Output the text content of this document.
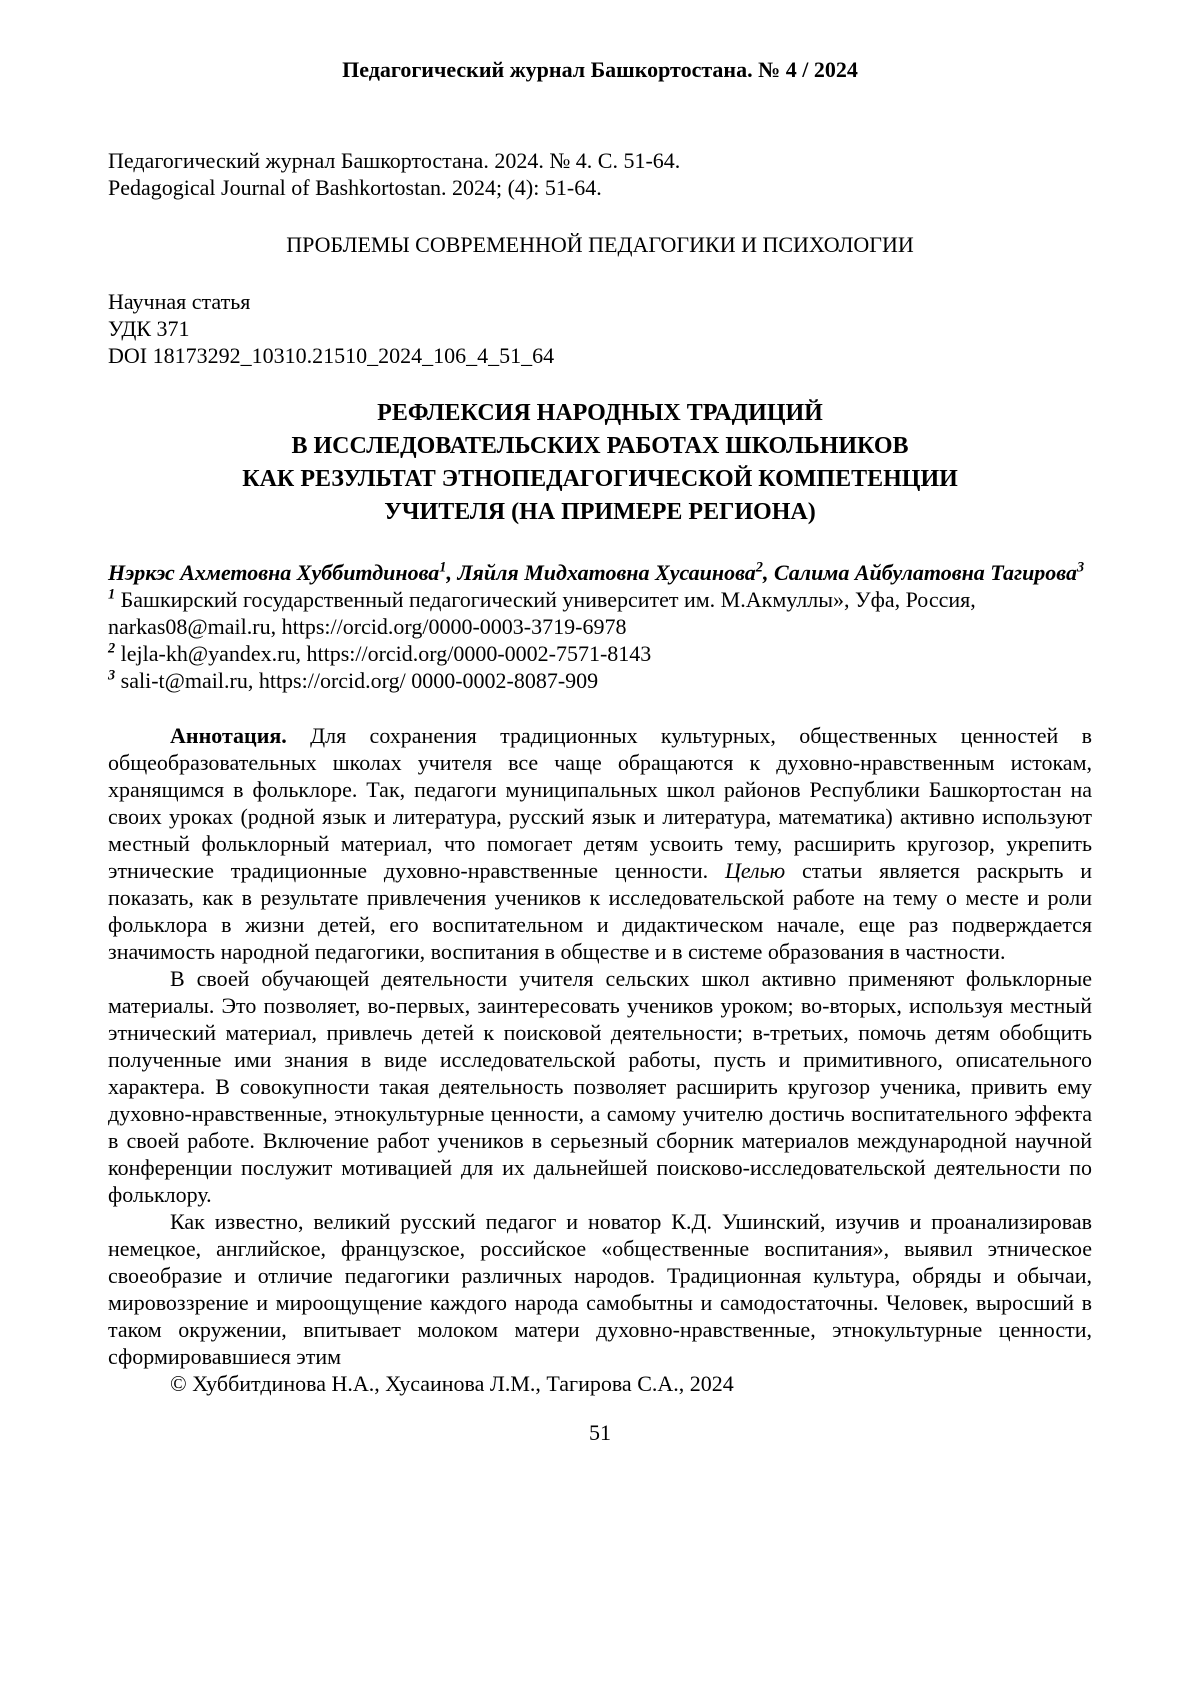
Педагогический журнал Башкортостана. № 4 / 2024
Педагогический журнал Башкортостана. 2024. № 4. С. 51-64.
Pedagogical Journal of Bashkortostan. 2024; (4): 51-64.
ПРОБЛЕМЫ СОВРЕМЕННОЙ ПЕДАГОГИКИ И ПСИХОЛОГИИ
Научная статья
УДК 371
DOI 18173292_10310.21510_2024_106_4_51_64
РЕФЛЕКСИЯ НАРОДНЫХ ТРАДИЦИЙ
В ИССЛЕДОВАТЕЛЬСКИХ РАБОТАХ ШКОЛЬНИКОВ
КАК РЕЗУЛЬТАТ ЭТНОПЕДАГОГИЧЕСКОЙ КОМПЕТЕНЦИИ
УЧИТЕЛЯ (НА ПРИМЕРЕ РЕГИОНА)

Нэркэс Ахметовна Хуббитдинова$^1$, Ляйля Мидхатовна Хусаинова$^2$, Салима Айбулатовна Тагирова$^3$

$^1$ Башкирский государственный педагогический университет им. М.Акмуллы», Уфа, Россия, narkas08@mail.ru, https://orcid.org/0000-0003-3719-6978

$^2$ lejla-kh@yandex.ru, https://orcid.org/0000-0002-7571-8143

$^3$ sali-t@mail.ru, https://orcid.org/ 0000-0002-8087-909

Аннотация. Для сохранения традиционных культурных, общественных ценностей в общеобразовательных школах учителя все чаще обращаются к духовно-нравственным истокам, хранящимся в фольклоре. Так, педагоги муниципальных школ районов Республики Башкортостан на своих уроках (родной язык и литература, русский язык и литература, математика) активно используют местный фольклорный материал, что помогает детям усвоить тему, расширить кругозор, укрепить этнические традиционные духовно-нравственные ценности. Целью статьи является раскрыть и показать, как в результате привлечения учеников к исследовательской работе на тему о месте и роли фольклора в жизни детей, его воспитательном и дидактическом начале, еще раз подверждается значимость народной педагогики, воспитания в обществе и в системе образования в частности.

В своей обучающей деятельности учителя сельских школ активно применяют фольклорные материалы. Это позволяет, во-первых, заинтересовать учеников уроком; во-вторых, используя местный этнический материал, привлечь детей к поисковой деятельности; в-третьих, помочь детям обобщить полученные ими знания в виде исследовательской работы, пусть и примитивного, описательного характера. В совокупности такая деятельность позволяет расширить кругозор ученика, привить ему духовно-нравственные, этнокультурные ценности, а самому учителю достичь воспитательного эффекта в своей работе. Включение работ учеников в серьезный сборник материалов международной научной конференции послужит мотивацией для их дальнейшей поисково-исследовательской деятельности по фольклору.

Как известно, великий русский педагог и новатор К.Д. Ушинский, изучив и проанализировав немецкое, английское, французское, российское «общественные воспитания», выявил этническое своеобразие и отличие педагогики различных народов. Традиционная культура, обряды и обычаи, мировоззрение и мироощущение каждого народа самобытны и самодостаточны. Человек, выросший в таком окружении, впитывает молоком матери духовно-нравственные, этнокультурные ценности, сформировавшиеся этим

© Хуббитдинова Н.А., Хусаинова Л.М., Тагирова С.А., 2024

51
